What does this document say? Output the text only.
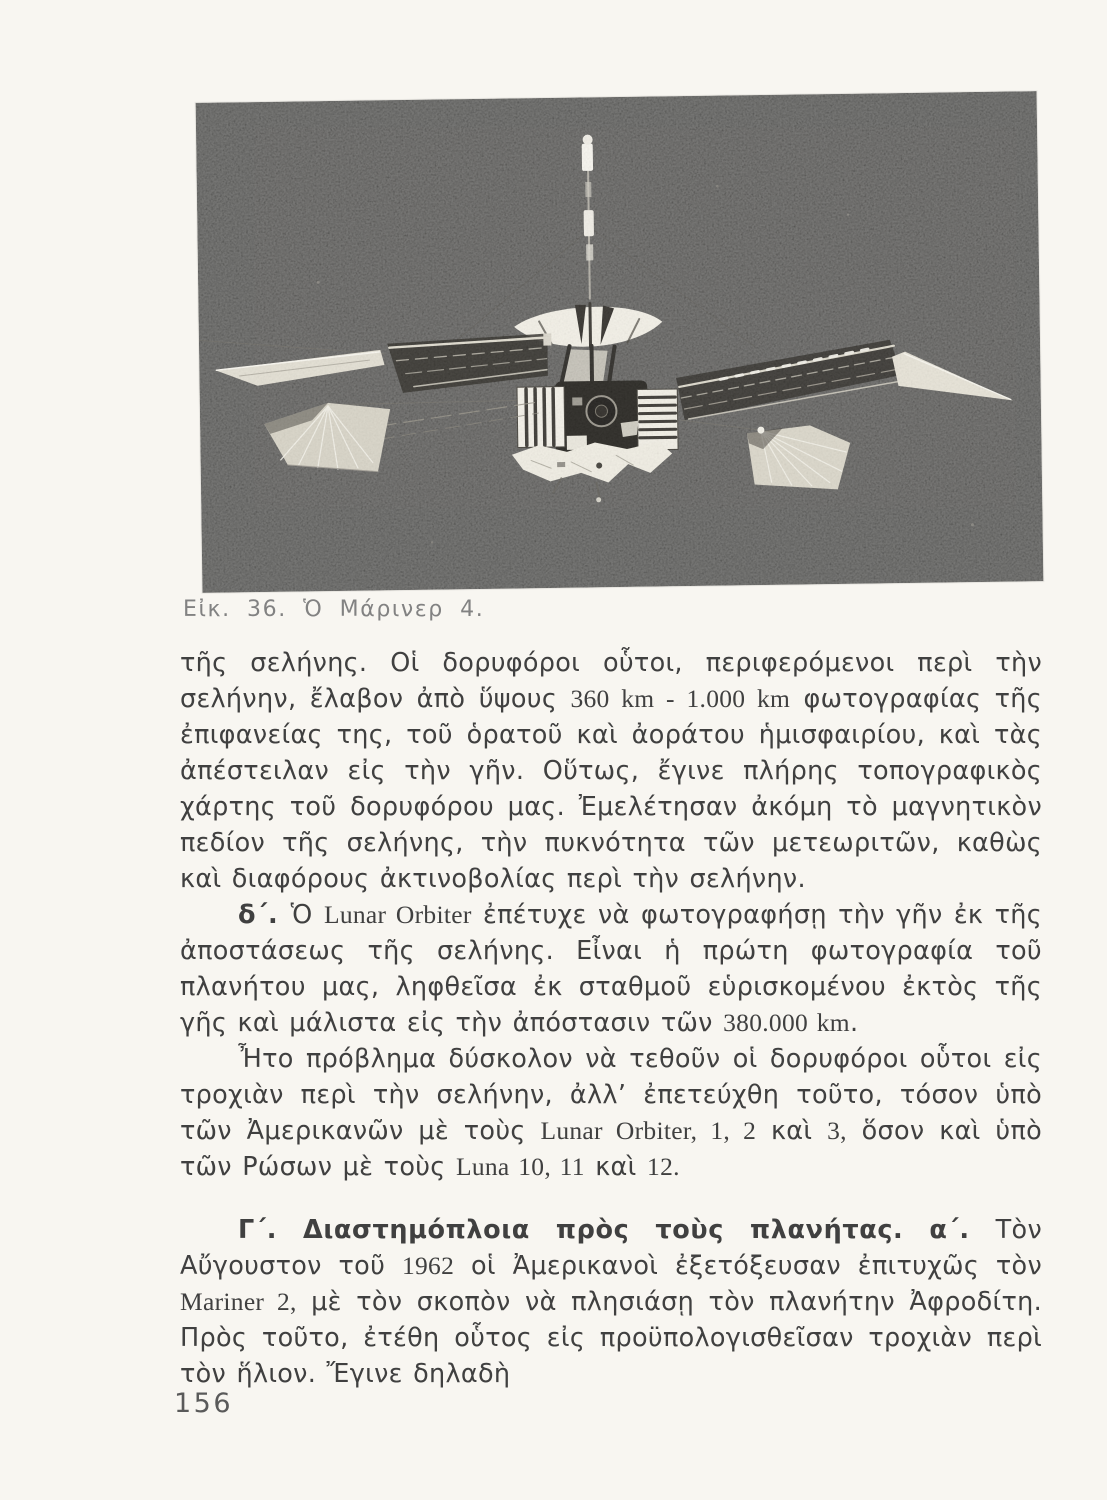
Εἰκ. 36. Ὁ Μάρινερ 4.

τῆς σελήνης. Οἱ δορυφόροι οὗτοι, περιφερόμενοι περὶ τὴν σελήνην, ἔλαβον ἀπὸ ὕψους 360 km - 1.000 km φωτογραφίας τῆς ἐπιφανείας της, τοῦ ὁρατοῦ καὶ ἀοράτου ἡμισφαιρίου, καὶ τὰς ἀπέστειλαν εἰς τὴν γῆν. Οὕτως, ἔγινε πλήρης τοπογραφικὸς χάρτης τοῦ δορυφόρου μας. Ἐμελέτησαν ἀκόμη τὸ μαγνητικὸν πεδίον τῆς σελήνης, τὴν πυκνότητα τῶν μετεωριτῶν, καθὼς καὶ διαφόρους ἀκτινοβολίας περὶ τὴν σελήνην.

δ΄. Ὁ Lunar Orbiter ἐπέτυχε νὰ φωτογραφήσῃ τὴν γῆν ἐκ τῆς ἀποστάσεως τῆς σελήνης. Εἶναι ἡ πρώτη φωτογραφία τοῦ πλανήτου μας, ληφθεῖσα ἐκ σταθμοῦ εὑρισκομένου ἐκτὸς τῆς γῆς καὶ μάλιστα εἰς τὴν ἀπόστασιν τῶν 380.000 km.

Ἦτο πρόβλημα δύσκολον νὰ τεθοῦν οἱ δορυφόροι οὗτοι εἰς τροχιὰν περὶ τὴν σελήνην, ἀλλ’ ἐπετεύχθη τοῦτο, τόσον ὑπὸ τῶν Ἀμερικανῶν μὲ τοὺς Lunar Orbiter, 1, 2 καὶ 3, ὅσον καὶ ὑπὸ τῶν Ρώσων μὲ τοὺς Luna 10, 11 καὶ 12.

Γ΄. Διαστημόπλοια πρὸς τοὺς πλανήτας. α΄. Τὸν Αὔγουστον τοῦ 1962 οἱ Ἀμερικανοὶ ἐξετόξευσαν ἐπιτυχῶς τὸν Mariner 2, μὲ τὸν σκοπὸν νὰ πλησιάσῃ τὸν πλανήτην Ἀφροδίτη. Πρὸς τοῦτο, ἐτέθη οὗτος εἰς προϋπολογισθεῖσαν τροχιὰν περὶ τὸν ἥλιον. Ἔγινε δηλαδὴ

156
